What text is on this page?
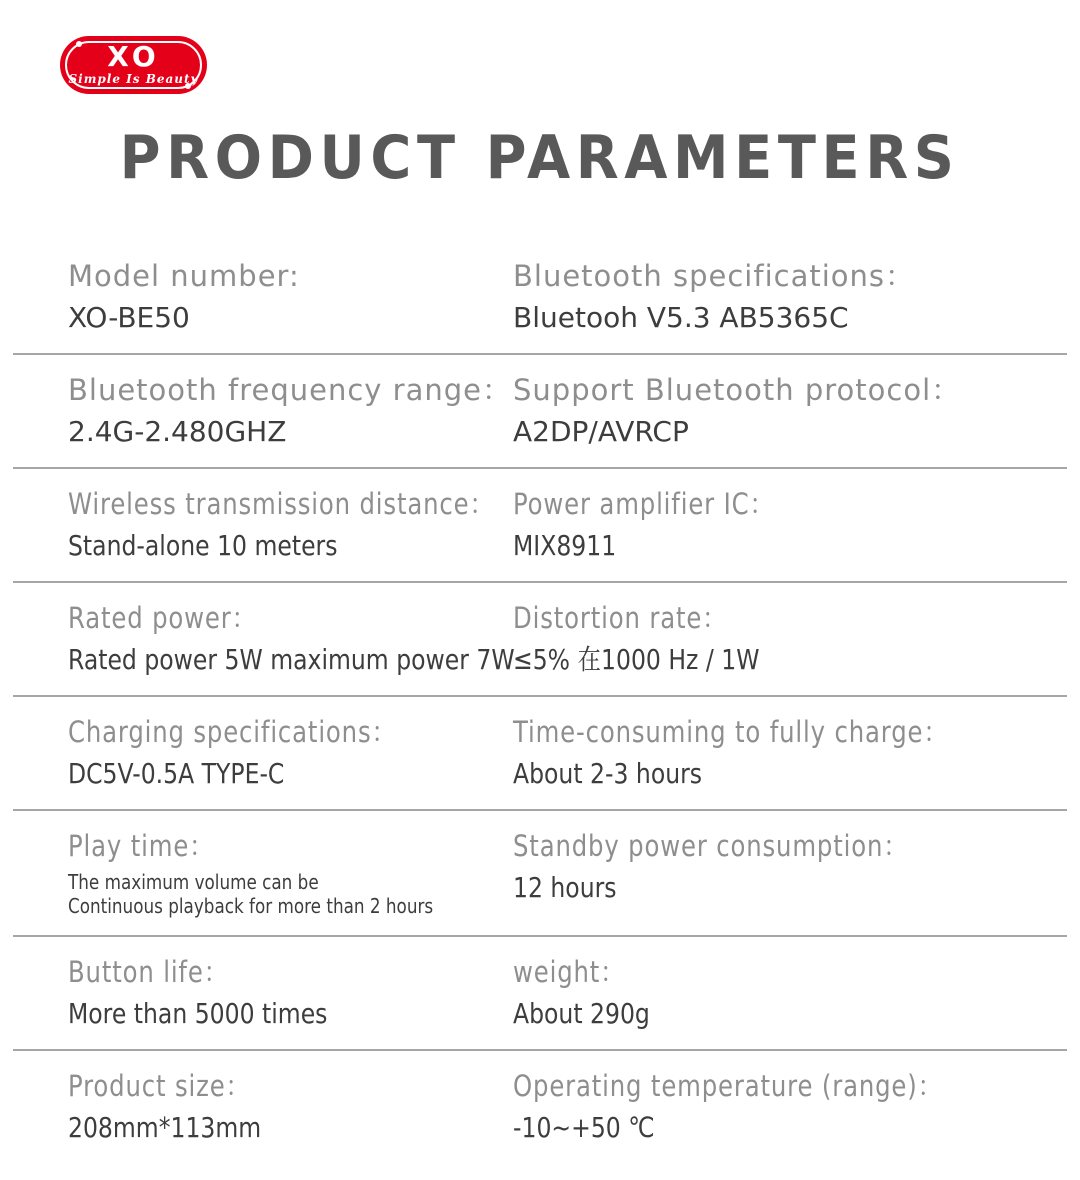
XO
Simple Is Beauty
PRODUCT PARAMETERS
Model number:
XO-BE50
Bluetooth specifications：
Bluetooh V5.3 AB5365C
Bluetooth frequency range：
2.4G-2.480GHZ
Support Bluetooth protocol：
A2DP/AVRCP
Wireless transmission distance：
Stand-alone 10 meters
Power amplifier IC：
MIX8911
Rated power：
Rated power 5W maximum power 7W
Distortion rate：
≤5% 在1000 Hz / 1W
Charging specifications：
DC5V-0.5A TYPE-C
Time-consuming to fully charge：
About 2-3 hours
Play time：
The maximum volume can be
Continuous playback for more than 2 hours
Standby power consumption：
12 hours
Button life：
More than 5000 times
weight：
About 290g
Product size：
208mm*113mm
Operating temperature (range)：
-10~+50 ℃
